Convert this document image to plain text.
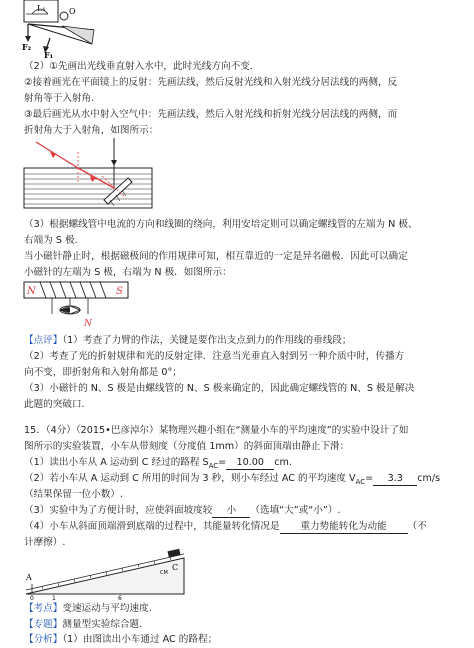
L₁	O
F₂
F₁
（2）①先画出光线垂直射入水中，此时光线方向不变.
②接着画光在平面镜上的反射：先画法线，然后反射光线和入射光线分居法线的两侧，反
射角等于入射角.
③最后画光从水中射入空气中：先画法线，然后入射光线和折射光线分居法线的两侧，而
折射角大于入射角，如图所示：
（3）根据螺线管中电流的方向和线圈的绕向，利用安培定则可以确定螺线管的左端为 N 极、
右端为 S 极.
当小磁针静止时，根据磁极间的作用规律可知，相互靠近的一定是异名磁极．因此可以确定
小磁针的左端为 S 极，右端为 N 极．如图所示：
N	S
N
【点评】（1）考查了力臂的作法，关键是要作出支点到力的作用线的垂线段；
（2）考查了光的折射规律和光的反射定律．注意当光垂直入射到另一种介质中时，传播方
向不变，即折射角和入射角都是 0°；
（3）小磁针的 N、S 极是由螺线管的 N、S 极来确定的，因此确定螺线管的 N、S 极是解决
此题的突破口.
15．（4分）（2015•巴彦淖尔）某物理兴趣小组在“测量小车的平均速度”的实验中设计了如
图所示的实验装置，小车从带刻度（分度值 1mm）的斜面顶端由静止下滑：
（1）读出小车从 A 运动到 C 经过的路程 $S_{AC}= 10.00$ cm.
（2）若小车从 A 运动到 C 所用的时间为 3 秒，则小车经过 AC 的平均速度 $V_{AC}= 3.3$ cm/s
（结果保留一位小数）.
（3）实验中为了方便计时，应使斜面坡度较 小 （选填“大”或“小”）.
（4）小车从斜面顶端滑到底端的过程中，其能量转化情况是 重力势能转化为动能 （不
计摩擦）.
A
C
CM
0	1	6
【考点】变速运动与平均速度.
【专题】测量型实验综合题.
【分析】（1）由图读出小车通过 AC 的路程；
